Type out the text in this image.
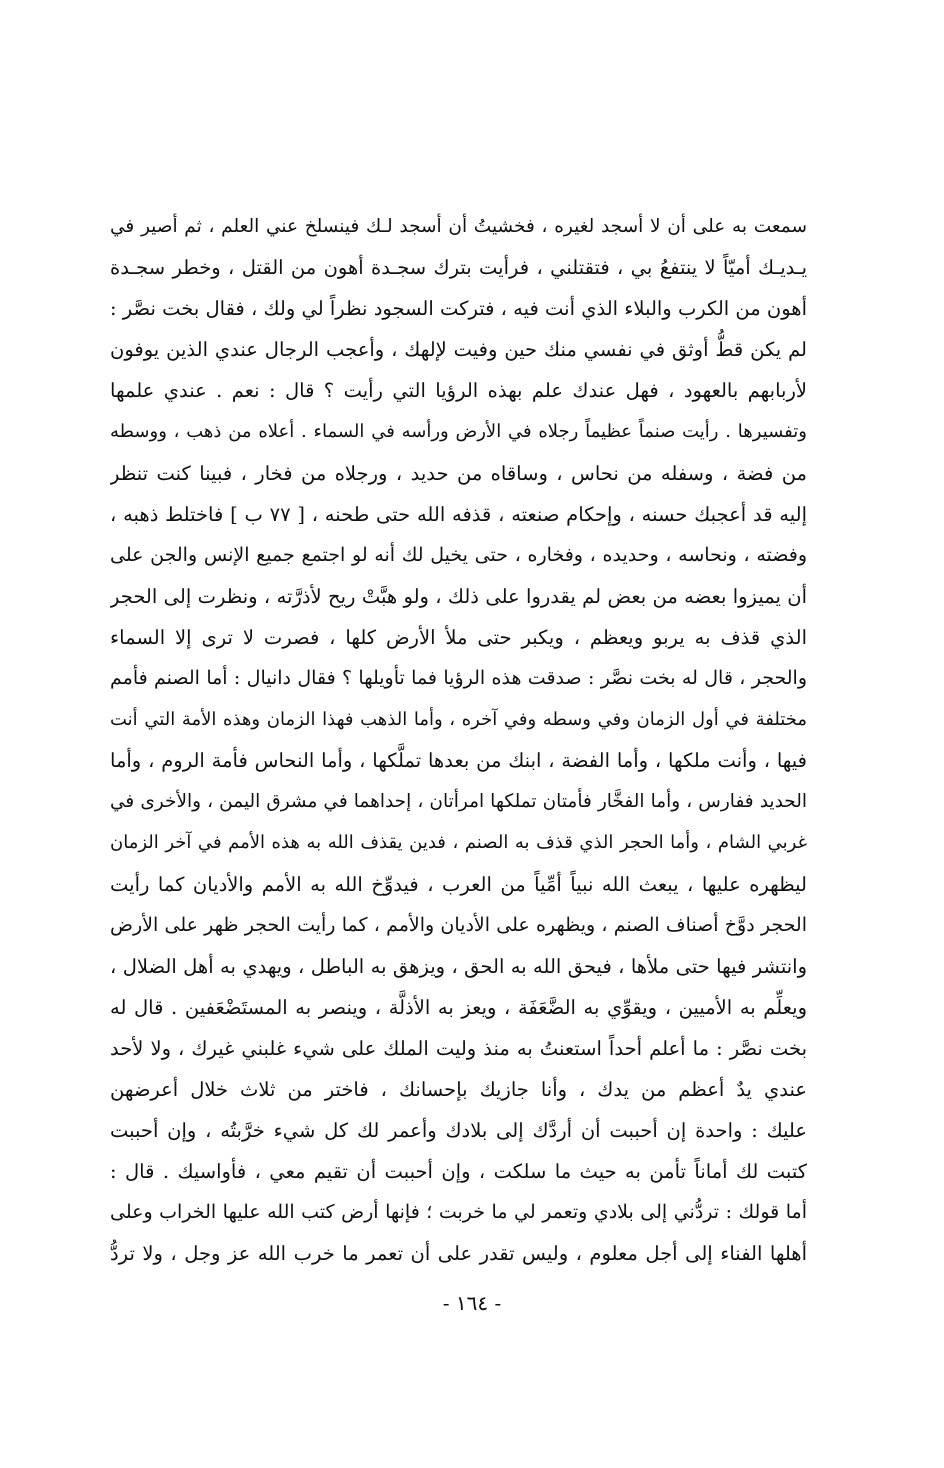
سمعت به على أن لا أسجد لغيره ، فخشيتُ أن أسجد لـك فينسلخ عني العلم ، ثم أصير في
يـديـك أميّاً لا ينتفعُ بي ، فتقتلني ، فرأيت بترك سجـدة أهون من القتل ، وخطر سجـدة
أهون من الكرب والبلاء الذي أنت فيه ، فتركت السجود نظراً لي ولك ، فقال بخت نصَّر :
لم يكن قطُّ أوثق في نفسي منك حين وفيت لإلهك ، وأعجب الرجال عندي الذين يوفون
لأربابهم بالعهود ، فهل عندك علم بهذه الرؤيا التي رأيت ؟ قال : نعم . عندي علمها
وتفسيرها . رأيت صنماً عظيماً رجلاه في الأرض ورأسه في السماء . أعلاه من ذهب ، ووسطه
من فضة ، وسفله من نحاس ، وساقاه من حديد ، ورجلاه من فخار ، فبينا كنت تنظر
إليه قد أعجبك حسنه ، وإحكام صنعته ، قذفه الله حتى طحنه ، [ ٧٧ ب ] فاختلط ذهبه ،
وفضته ، ونحاسه ، وحديده ، وفخاره ، حتى يخيل لك أنه لو اجتمع جميع الإنس والجن على
أن يميزوا بعضه من بعض لم يقدروا على ذلك ، ولو هبَّتْ ريح لأذرَّته ، ونظرت إلى الحجر
الذي قذف به يربو ويعظم ، ويكبر حتى ملأ الأرض كلها ، فصرت لا ترى إلا السماء
والحجر ، قال له بخت نصَّر : صدقت هذه الرؤيا فما تأويلها ؟ فقال دانيال : أما الصنم فأمم
مختلفة في أول الزمان وفي وسطه وفي آخره ، وأما الذهب فهذا الزمان وهذه الأمة التي أنت
فيها ، وأنت ملكها ، وأما الفضة ، ابنك من بعدها تملَّكها ، وأما النحاس فأمة الروم ، وأما
الحديد ففارس ، وأما الفخَّار فأمتان تملكها امرأتان ، إحداهما في مشرق اليمن ، والأخرى في
غربي الشام ، وأما الحجر الذي قذف به الصنم ، فدين يقذف الله به هذه الأمم في آخر الزمان
ليظهره عليها ، يبعث الله نبياً أمِّياً من العرب ، فيدوِّخ الله به الأمم والأديان كما رأيت
الحجر دوَّخ أصناف الصنم ، ويظهره على الأديان والأمم ، كما رأيت الحجر ظهر على الأرض
وانتشر فيها حتى ملأها ، فيحق الله به الحق ، ويزهق به الباطل ، ويهدي به أهل الضلال ،
ويعلِّم به الأميين ، ويقوِّي به الضَّعَفَة ، ويعز به الأذلَّة ، وينصر به المستَضْعَفين . قال له
بخت نصَّر : ما أعلم أحداً استعنتُ به منذ وليت الملك على شيء غلبني غيرك ، ولا لأحد
عندي يدٌ أعظم من يدك ، وأنا جازيك بإحسانك ، فاختر من ثلاث خلال أعرضهن
عليك : واحدة إن أحببت أن أردَّك إلى بلادك وأعمر لك كل شيء خرَّبتُه ، وإن أحببت
كتبت لك أماناً تأمن به حيث ما سلكت ، وإن أحببت أن تقيم معي ، فأواسيك . قال :
أما قولك : تردُّني إلى بلادي وتعمر لي ما خربت ؛ فإنها أرض كتب الله عليها الخراب وعلى
أهلها الفناء إلى أجل معلوم ، وليس تقدر على أن تعمر ما خرب الله عز وجل ، ولا تردُّ
- ١٦٤ -
